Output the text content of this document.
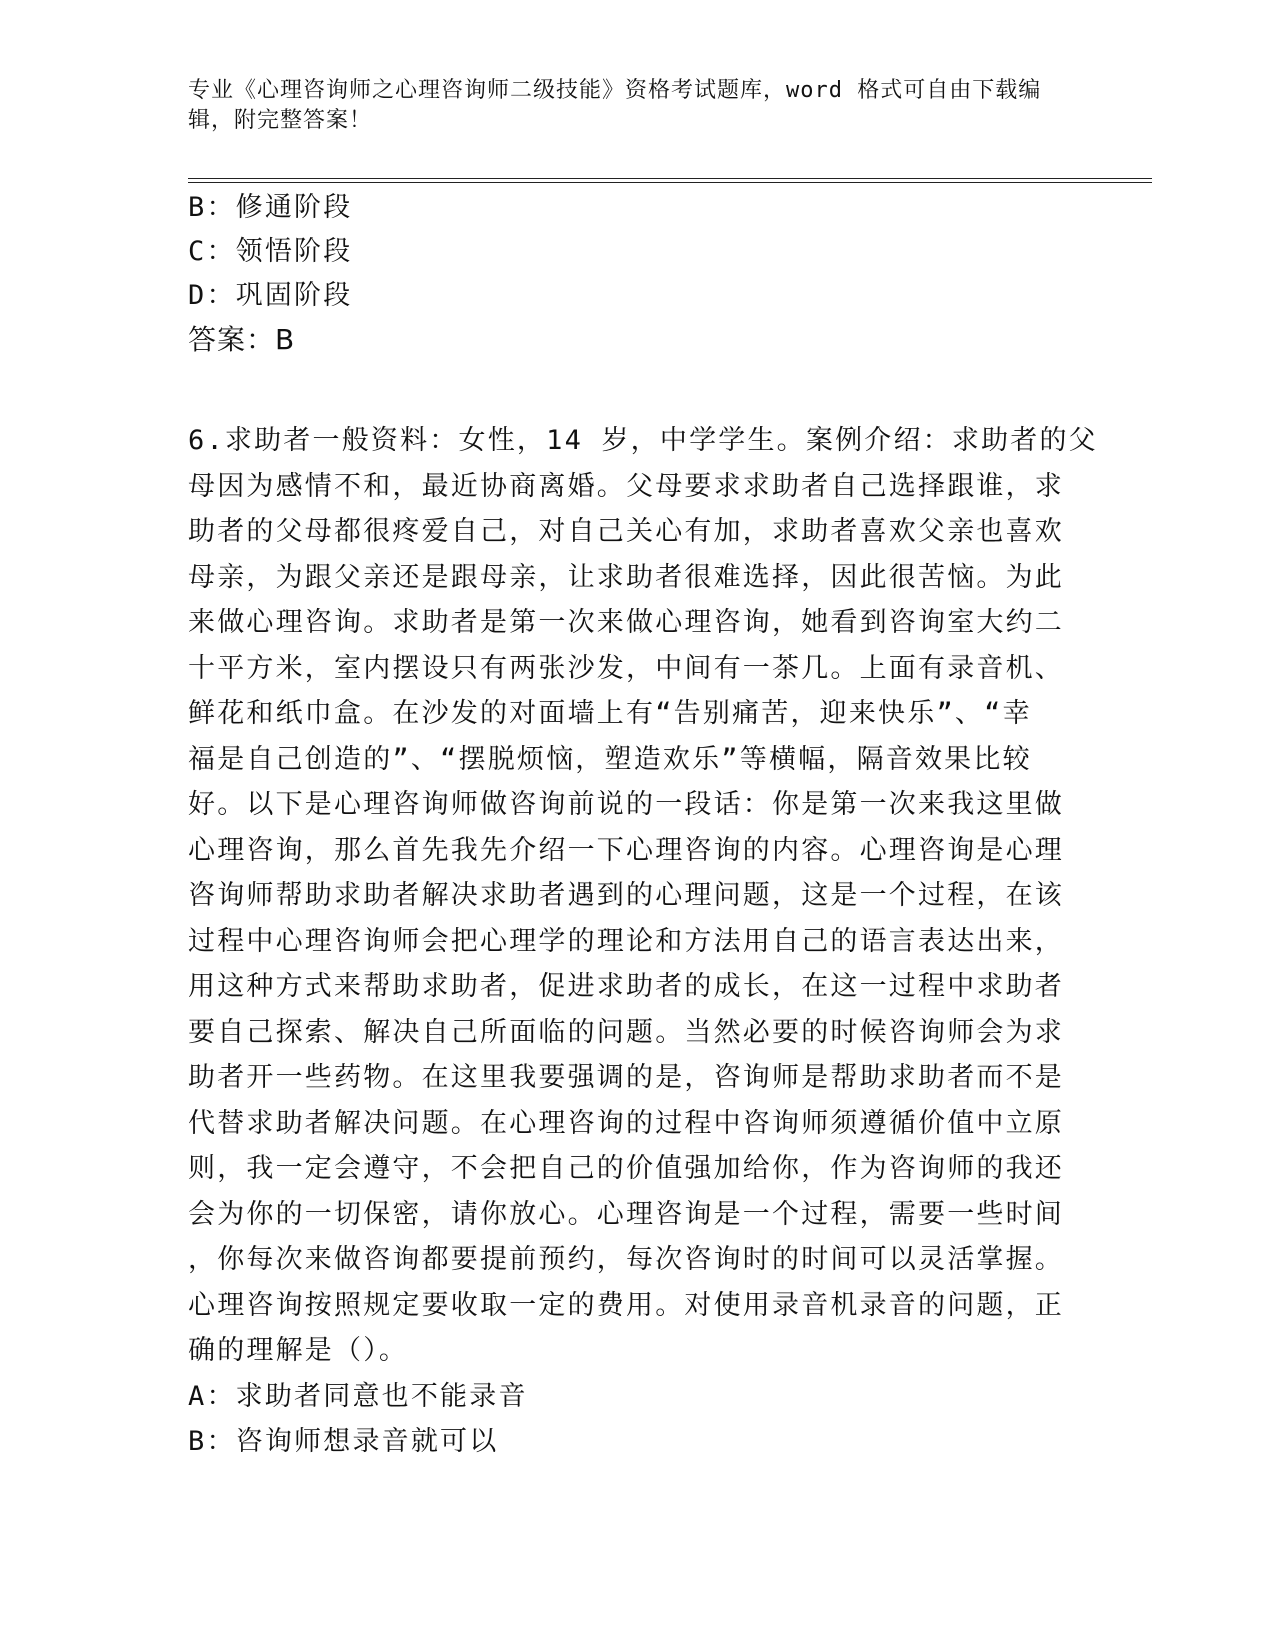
专业《心理咨询师之心理咨询师二级技能》资格考试题库，word 格式可自由下载编辑，附完整答案！
B：修通阶段
C：领悟阶段
D：巩固阶段
答案：B
6.求助者一般资料：女性，14 岁，中学学生。案例介绍：求助者的父
母因为感情不和，最近协商离婚。父母要求求助者自己选择跟谁，求
助者的父母都很疼爱自己，对自己关心有加，求助者喜欢父亲也喜欢
母亲，为跟父亲还是跟母亲，让求助者很难选择，因此很苦恼。为此
来做心理咨询。求助者是第一次来做心理咨询，她看到咨询室大约二
十平方米，室内摆设只有两张沙发，中间有一茶几。上面有录音机、
鲜花和纸巾盒。在沙发的对面墙上有“告别痛苦，迎来快乐”、“幸
福是自己创造的”、“摆脱烦恼，塑造欢乐”等横幅，隔音效果比较
好。以下是心理咨询师做咨询前说的一段话：你是第一次来我这里做
心理咨询，那么首先我先介绍一下心理咨询的内容。心理咨询是心理
咨询师帮助求助者解决求助者遇到的心理问题，这是一个过程，在该
过程中心理咨询师会把心理学的理论和方法用自己的语言表达出来，
用这种方式来帮助求助者，促进求助者的成长，在这一过程中求助者
要自己探索、解决自己所面临的问题。当然必要的时候咨询师会为求
助者开一些药物。在这里我要强调的是，咨询师是帮助求助者而不是
代替求助者解决问题。在心理咨询的过程中咨询师须遵循价值中立原
则，我一定会遵守，不会把自己的价值强加给你，作为咨询师的我还
会为你的一切保密，请你放心。心理咨询是一个过程，需要一些时间
，你每次来做咨询都要提前预约，每次咨询时的时间可以灵活掌握。
心理咨询按照规定要收取一定的费用。对使用录音机录音的问题，正
确的理解是（）。
A：求助者同意也不能录音
B：咨询师想录音就可以
